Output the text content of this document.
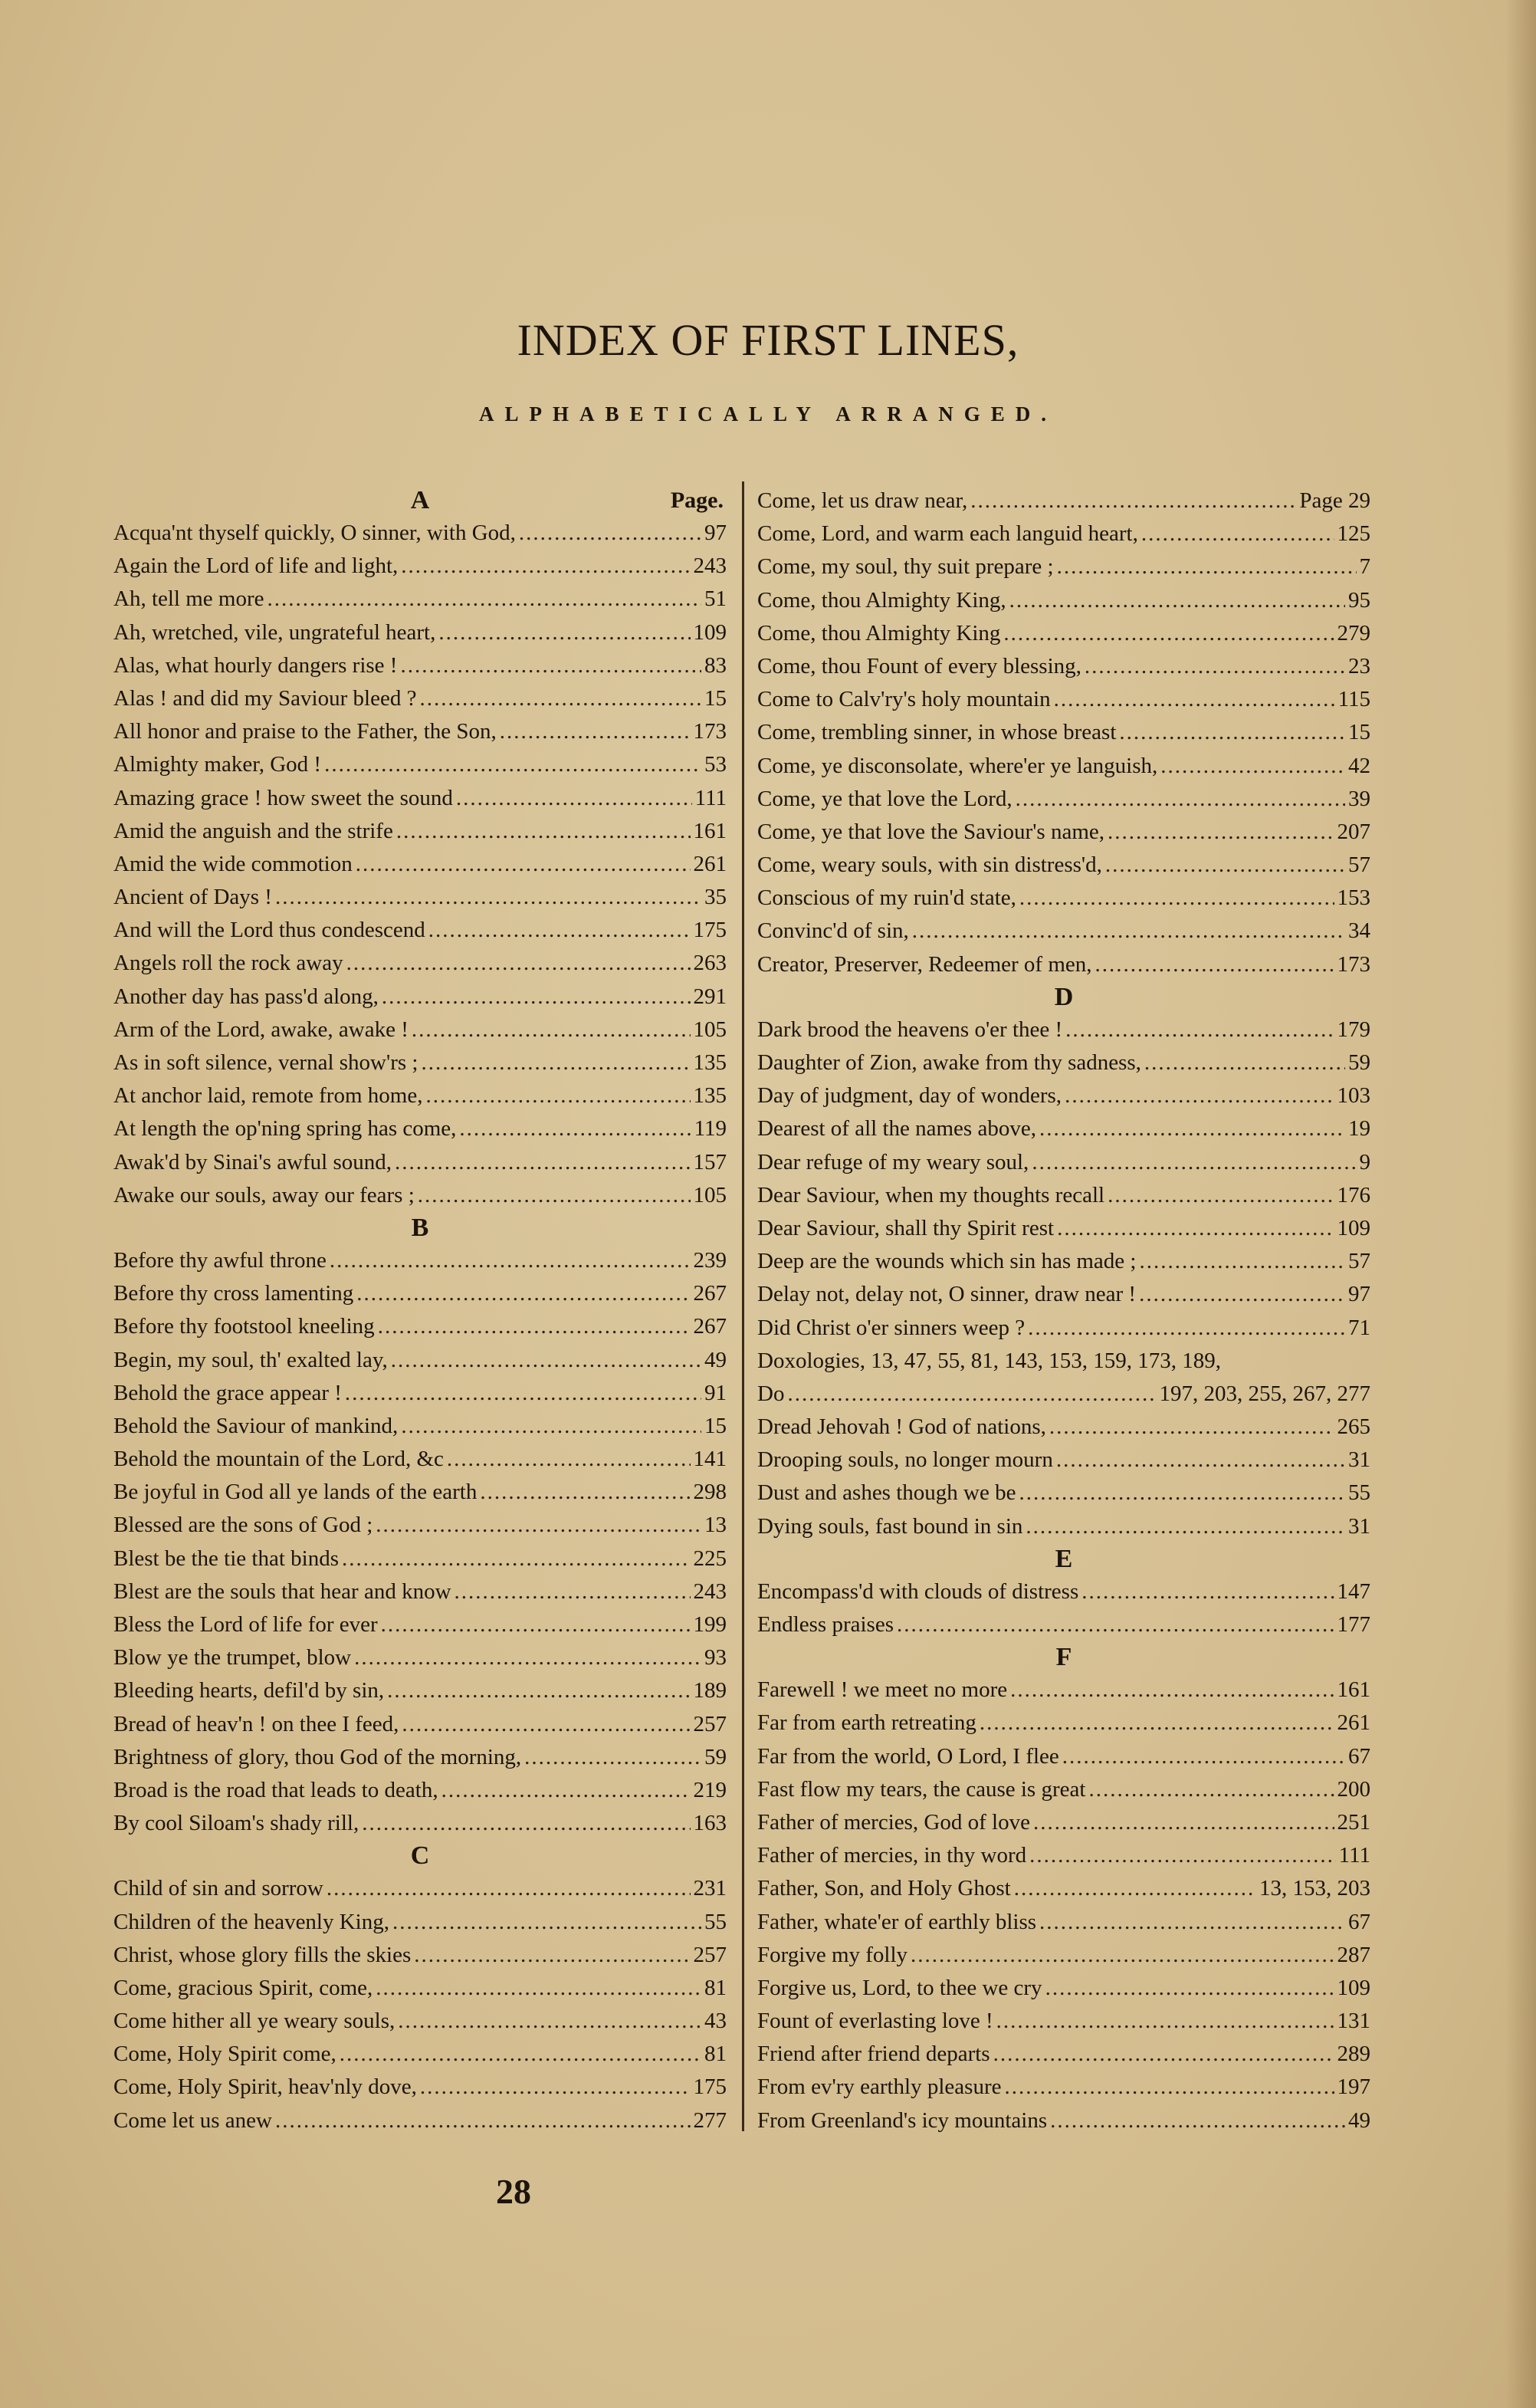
INDEX OF FIRST LINES,
ALPHABETICALLY ARRANGED.
A	Page.
Acqua'nt thyself quickly, O sinner, with God, .....	97
Again the Lord of life and light, .....	243
Ah, tell me more .....	51
Ah, wretched, vile, ungrateful heart, .....	109
Alas, what hourly dangers rise ! .....	83
Alas ! and did my Saviour bleed ? .....	15
All honor and praise to the Father, the Son, .....	173
Almighty maker, God ! .....	53
Amazing grace ! how sweet the sound .....	111
Amid the anguish and the strife .....	161
Amid the wide commotion .....	261
Ancient of Days ! .....	35
And will the Lord thus condescend .....	175
Angels roll the rock away .....	263
Another day has pass'd along, .....	291
Arm of the Lord, awake, awake ! .....	105
As in soft silence, vernal show'rs ; .....	135
At anchor laid, remote from home, .....	135
At length the op'ning spring has come, .....	119
Awak'd by Sinai's awful sound, .....	157
Awake our souls, away our fears ; .....	105
B
Before thy awful throne .....	239
Before thy cross lamenting .....	267
Before thy footstool kneeling .....	267
Begin, my soul, th' exalted lay, .....	49
Behold the grace appear ! .....	91
Behold the Saviour of mankind, .....	15
Behold the mountain of the Lord, &c .....	141
Be joyful in God all ye lands of the earth .....	298
Blessed are the sons of God ; .....	13
Blest be the tie that binds .....	225
Blest are the souls that hear and know .....	243
Bless the Lord of life for ever .....	199
Blow ye the trumpet, blow .....	93
Bleeding hearts, defil'd by sin, .....	189
Bread of heav'n ! on thee I feed, .....	257
Brightness of glory, thou God of the morning, .....	59
Broad is the road that leads to death, .....	219
By cool Siloam's shady rill, .....	163
C
Child of sin and sorrow .....	231
Children of the heavenly King, .....	55
Christ, whose glory fills the skies .....	257
Come, gracious Spirit, come, .....	81
Come hither all ye weary souls, .....	43
Come, Holy Spirit come, .....	81
Come, Holy Spirit, heav'nly dove, .....	175
Come let us anew .....	277
Come, let us draw near, .....	Page 29
Come, Lord, and warm each languid heart, .....	125
Come, my soul, thy suit prepare ; .....	7
Come, thou Almighty King, .....	95
Come, thou Almighty King .....	279
Come, thou Fount of every blessing, .....	23
Come to Calv'ry's holy mountain .....	115
Come, trembling sinner, in whose breast .....	15
Come, ye disconsolate, where'er ye languish, .....	42
Come, ye that love the Lord, .....	39
Come, ye that love the Saviour's name, .....	207
Come, weary souls, with sin distress'd, .....	57
Conscious of my ruin'd state, .....	153
Convinc'd of sin, .....	34
Creator, Preserver, Redeemer of men, .....	173
D
Dark brood the heavens o'er thee ! .....	179
Daughter of Zion, awake from thy sadness, .....	59
Day of judgment, day of wonders, .....	103
Dearest of all the names above, .....	19
Dear refuge of my weary soul, .....	9
Dear Saviour, when my thoughts recall .....	176
Dear Saviour, shall thy Spirit rest .....	109
Deep are the wounds which sin has made ; .....	57
Delay not, delay not, O sinner, draw near ! .....	97
Did Christ o'er sinners weep ? .....	71
Doxologies, 13, 47, 55, 81, 143, 153, 159, 173, 189,
Do .....	197, 203, 255, 267, 277
Dread Jehovah ! God of nations, .....	265
Drooping souls, no longer mourn .....	31
Dust and ashes though we be .....	55
Dying souls, fast bound in sin .....	31
E
Encompass'd with clouds of distress .....	147
Endless praises .....	177
F
Farewell ! we meet no more .....	161
Far from earth retreating .....	261
Far from the world, O Lord, I flee .....	67
Fast flow my tears, the cause is great .....	200
Father of mercies, God of love .....	251
Father of mercies, in thy word .....	111
Father, Son, and Holy Ghost .....	13, 153, 203
Father, whate'er of earthly bliss .....	67
Forgive my folly .....	287
Forgive us, Lord, to thee we cry .....	109
Fount of everlasting love ! .....	131
Friend after friend departs .....	289
From ev'ry earthly pleasure .....	197
From Greenland's icy mountains .....	49
28
